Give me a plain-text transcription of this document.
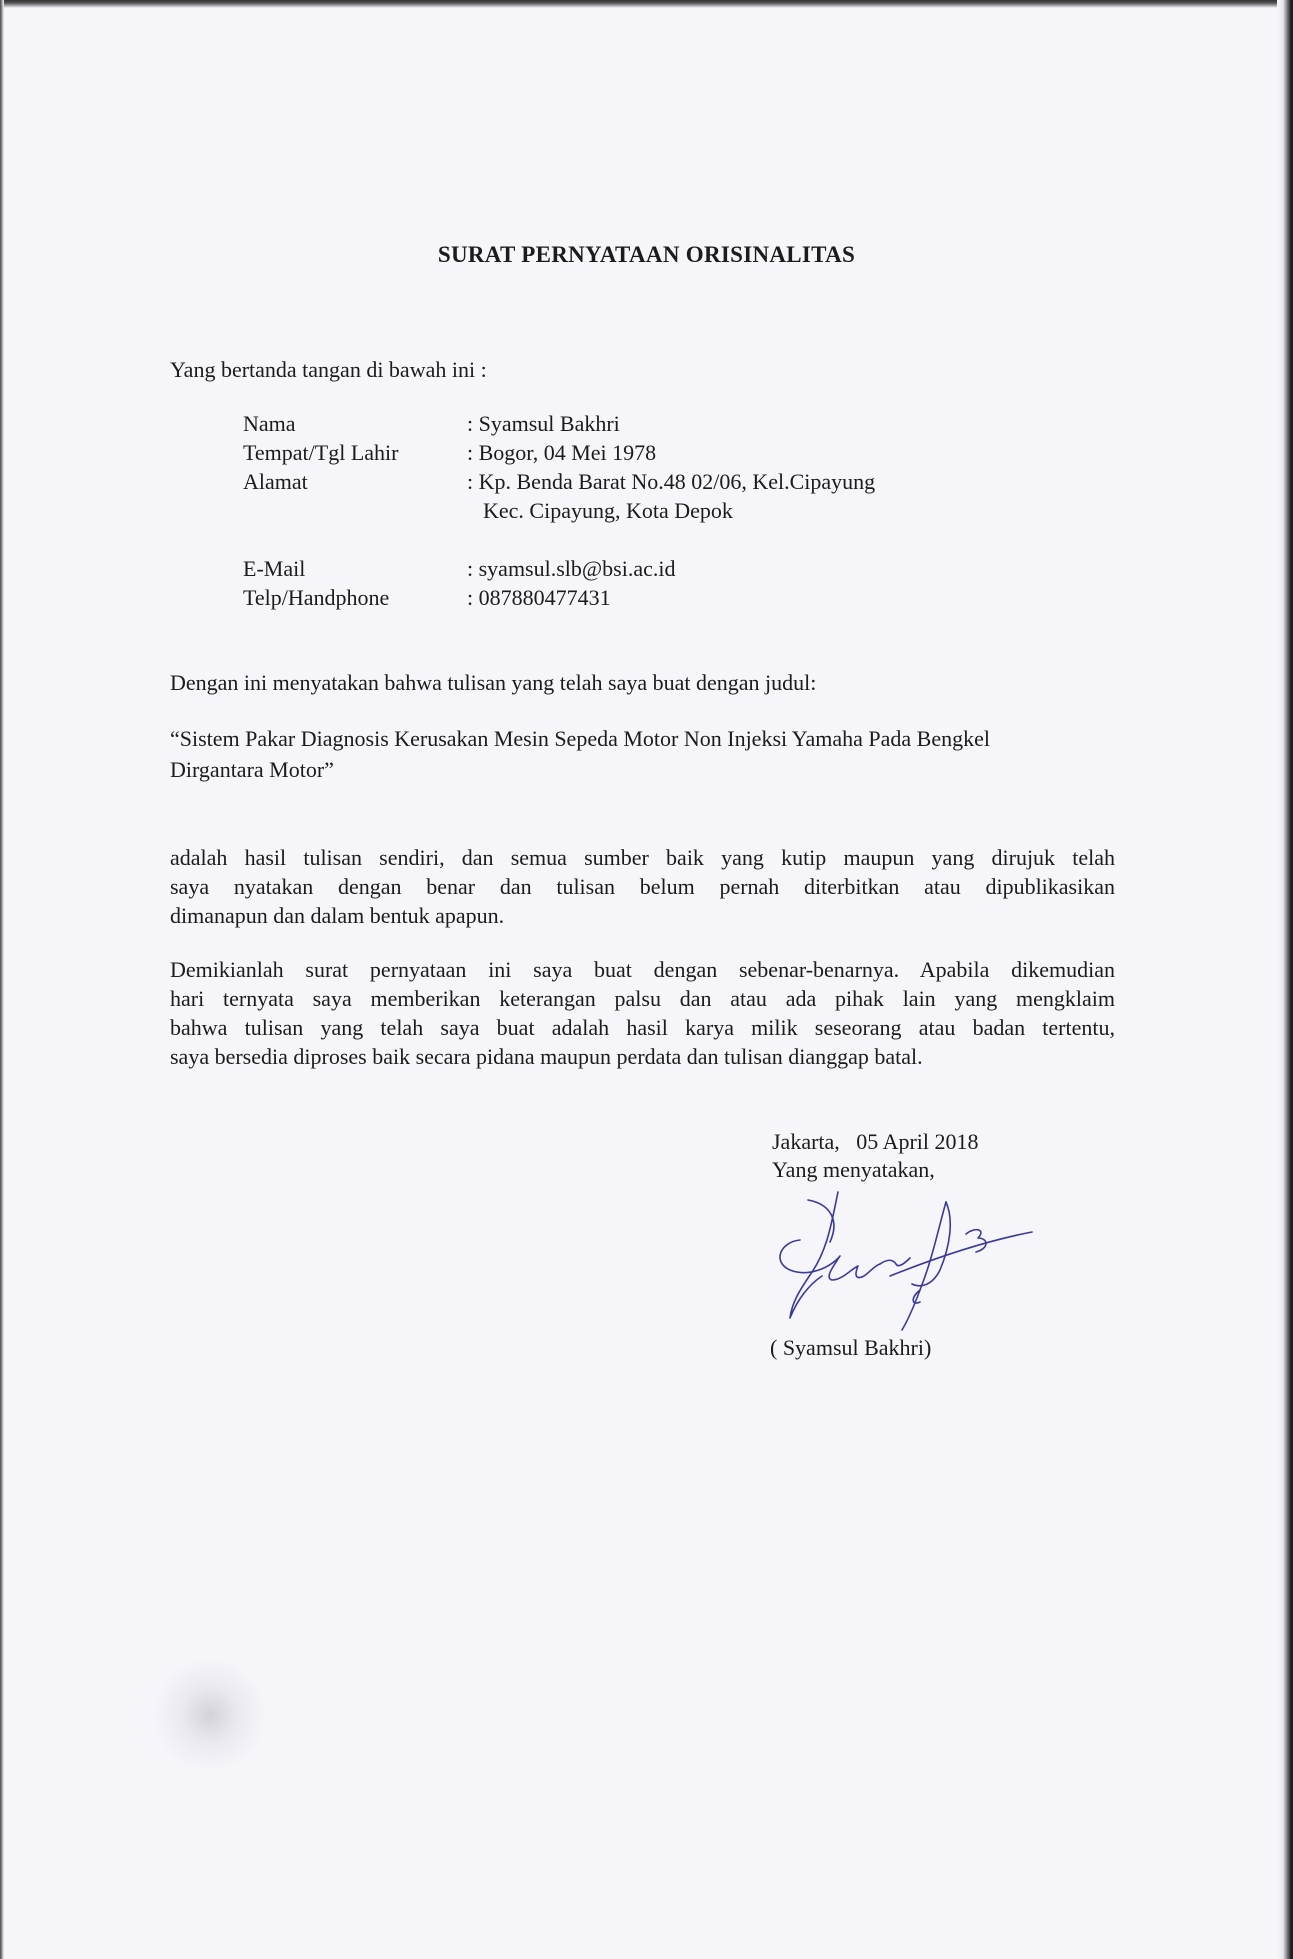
SURAT PERNYATAAN ORISINALITAS
Yang bertanda tangan di bawah ini :
Nama	: Syamsul Bakhri
Tempat/Tgl Lahir	: Bogor, 04 Mei 1978
Alamat	: Kp. Benda Barat No.48 02/06, Kel.Cipayung
Kec. Cipayung, Kota Depok
E-Mail	: syamsul.slb@bsi.ac.id
Telp/Handphone	: 087880477431
Dengan ini menyatakan bahwa tulisan yang telah saya buat dengan judul:
“Sistem Pakar Diagnosis Kerusakan Mesin Sepeda Motor Non Injeksi Yamaha Pada Bengkel
Dirgantara Motor”
adalah hasil tulisan sendiri, dan semua sumber baik yang kutip maupun yang dirujuk telah
saya nyatakan dengan benar dan tulisan belum pernah diterbitkan atau dipublikasikan
dimanapun dan dalam bentuk apapun.
Demikianlah surat pernyataan ini saya buat dengan sebenar-benarnya. Apabila dikemudian
hari ternyata saya memberikan keterangan palsu dan atau ada pihak lain yang mengklaim
bahwa tulisan yang telah saya buat adalah hasil karya milik seseorang atau badan tertentu,
saya bersedia diproses baik secara pidana maupun perdata dan tulisan dianggap batal.
Jakarta,   05 April 2018
Yang menyatakan,
( Syamsul Bakhri)
